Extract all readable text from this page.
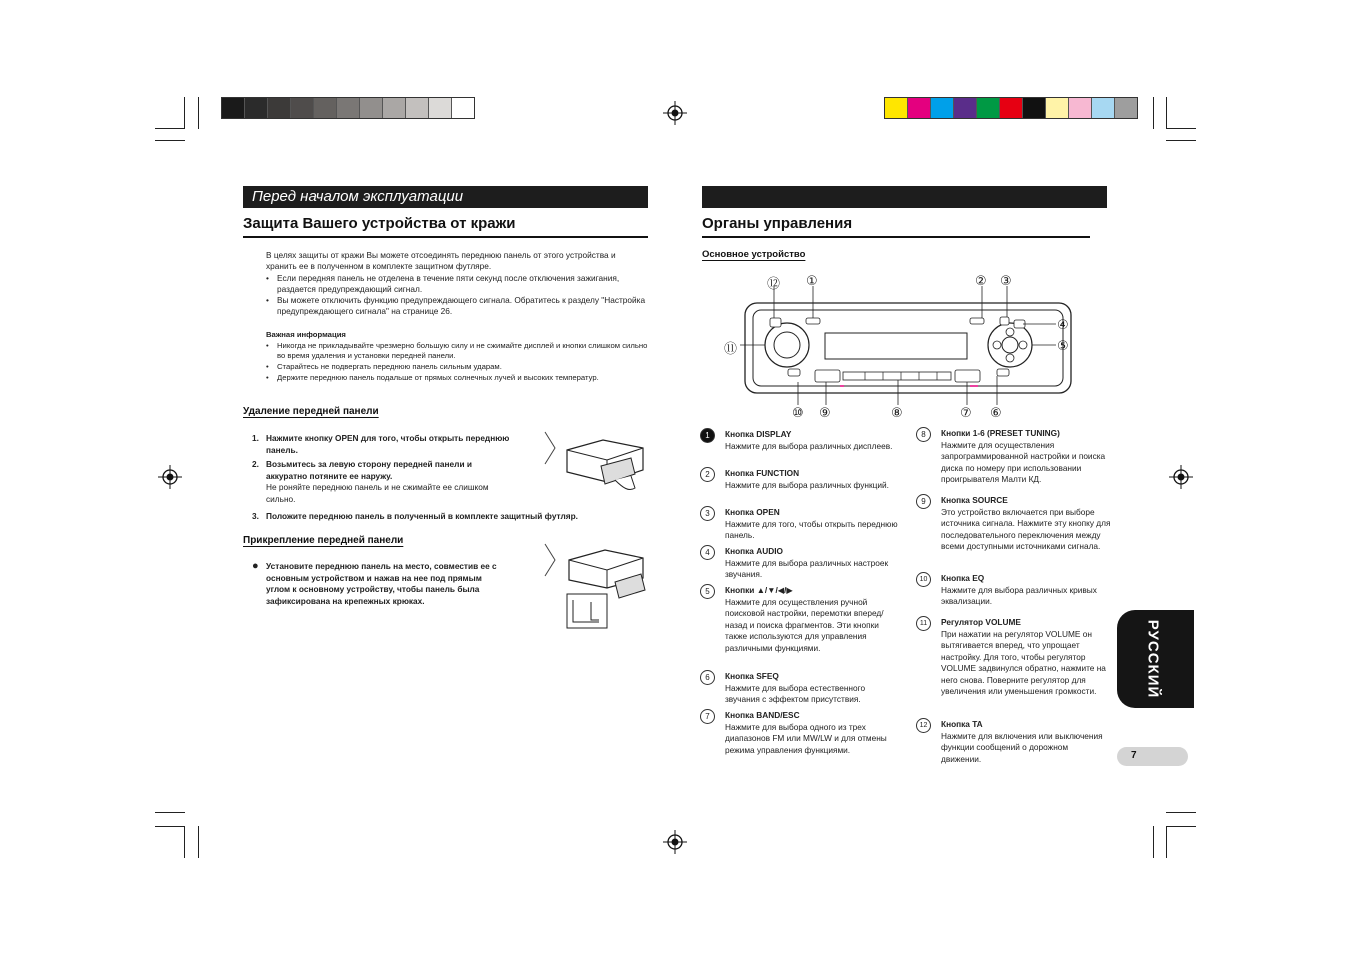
Перед началом эксплуатации
Защита Вашего устройства от кражи
В целях защиты от кражи Вы можете отсоединять переднюю панель от этого устройства и хранить ее в полученном в комплекте защитном футляре.
• Если передняя панель не отделена в течение пяти секунд после отключения зажигания, раздается предупреждающий сигнал.
• Вы можете отключить функцию предупреждающего сигнала. Обратитесь к разделу "Настройка предупреждающего сигнала" на странице 26.
Важная информация
• Никогда не прикладывайте чрезмерно большую силу и не сжимайте дисплей и кнопки слишком сильно во время удаления и установки передней панели.
• Старайтесь не подвергать переднюю панель сильным ударам.
• Держите переднюю панель подальше от прямых солнечных лучей и высоких температур.
Удаление передней панели
1. Нажмите кнопку OPEN для того, чтобы открыть переднюю панель.
2. Возьмитесь за левую сторону передней панели и аккуратно потяните ее наружу.
Не роняйте переднюю панель и не сжимайте ее слишком сильно.
3. Положите переднюю панель в полученный в комплекте защитный футляр.
Прикрепление передней панели
● Установите переднюю панель на место, совместив ее с основным устройством и нажав на нее под прямым углом к основному устройству, чтобы панель была зафиксирована на крепежных крюках.
Органы управления
Основное устройство
⑫ ①	② ③
④
⑤
⑪
⑩ ⑨	⑧	⑦ ⑥
1	Кнопка DISPLAY
Нажмите для выбора различных дисплеев.
2	Кнопка FUNCTION
Нажмите для выбора различных функций.
3	Кнопка OPEN
Нажмите для того, чтобы открыть переднюю панель.
4	Кнопка AUDIO
Нажмите для выбора различных настроек звучания.
5	Кнопки ▲/▼/◀/▶
Нажмите для осуществления ручной поисковой настройки, перемотки вперед/назад и поиска фрагментов. Эти кнопки также используются для управления различными функциями.
6	Кнопка SFEQ
Нажмите для выбора естественного звучания с эффектом присутствия.
7	Кнопка BAND/ESC
Нажмите для выбора одного из трех диапазонов FM или MW/LW и для отмены режима управления функциями.
8	Кнопки 1-6 (PRESET TUNING)
Нажмите для осуществления запрограммированной настройки и поиска диска по номеру при использовании проигрывателя Малти КД.
9	Кнопка SOURCE
Это устройство включается при выборе источника сигнала. Нажмите эту кнопку для последовательного переключения между всеми доступными источниками сигнала.
10	Кнопка EQ
Нажмите для выбора различных кривых эквализации.
11	Регулятор VOLUME
При нажатии на регулятор VOLUME он вытягивается вперед, что упрощает настройку. Для того, чтобы регулятор VOLUME задвинулся обратно, нажмите на него снова. Поверните регулятор для увеличения или уменьшения громкости.
12	Кнопка TA
Нажмите для включения или выключения функции сообщений о дорожном движении.
РУССКИЙ
7
